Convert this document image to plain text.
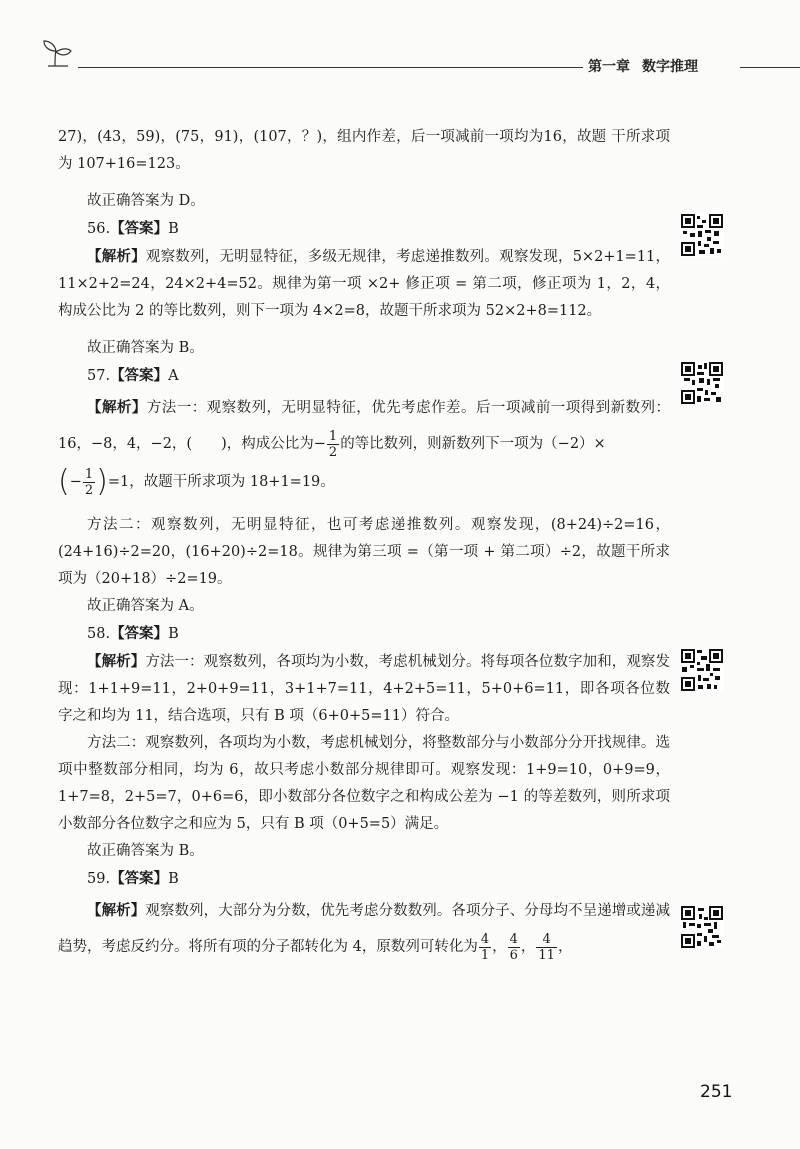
第一章 数字推理

27)，(43，59)，(75，91)，(107，？)，组内作差，后一项减前一项均为16，故题 干所求项为 107+16=123。

故正确答案为 D。

56.【答案】B

【解析】观察数列，无明显特征，多级无规律，考虑递推数列。观察发现，5×2+1=11，11×2+2=24，24×2+4=52。规律为第一项 ×2+ 修正项 = 第二项，修正项为 1，2，4，构成公比为 2 的等比数列，则下一项为 4×2=8，故题干所求项为 52×2+8=112。

故正确答案为 B。

57.【答案】A

【解析】方法一：观察数列，无明显特征，优先考虑作差。后一项减前一项得到新数列：16，−8，4，−2，(　　)，构成公比为− $\frac{1}{2}$ 的等比数列，则新数列下一项为（−2）×

(− $\frac{1}{2} )=1$，故题干所求项为 18+1=19。

方法二：观察数列，无明显特征，也可考虑递推数列。观察发现，(8+24)÷2=16，(24+16)÷2=20，(16+20)÷2=18。规律为第三项 =（第一项 + 第二项）÷2，故题干所求项为（20+18）÷2=19。

故正确答案为 A。

58.【答案】B

【解析】方法一：观察数列，各项均为小数，考虑机械划分。将每项各位数字加和，观察发现：1+1+9=11，2+0+9=11，3+1+7=11，4+2+5=11，5+0+6=11，即各项各位数字之和均为 11，结合选项，只有 B 项（6+0+5=11）符合。

方法二：观察数列，各项均为小数，考虑机械划分，将整数部分与小数部分分开找规律。选项中整数部分相同，均为 6，故只考虑小数部分规律即可。观察发现：1+9=10，0+9=9，1+7=8，2+5=7，0+6=6，即小数部分各位数字之和构成公差为 −1 的等差数列，则所求项小数部分各位数字之和应为 5，只有 B 项（0+5=5）满足。

故正确答案为 B。

59.【答案】B

【解析】观察数列，大部分为分数，优先考虑分数数列。各项分子、分母均不呈递增或递减趋势，考虑反约分。将所有项的分子都转化为 4，原数列可转化为 $\frac{4}{1}$ ， $\frac{4}{6}$ ， $\frac{4}{11}$ ，

251
